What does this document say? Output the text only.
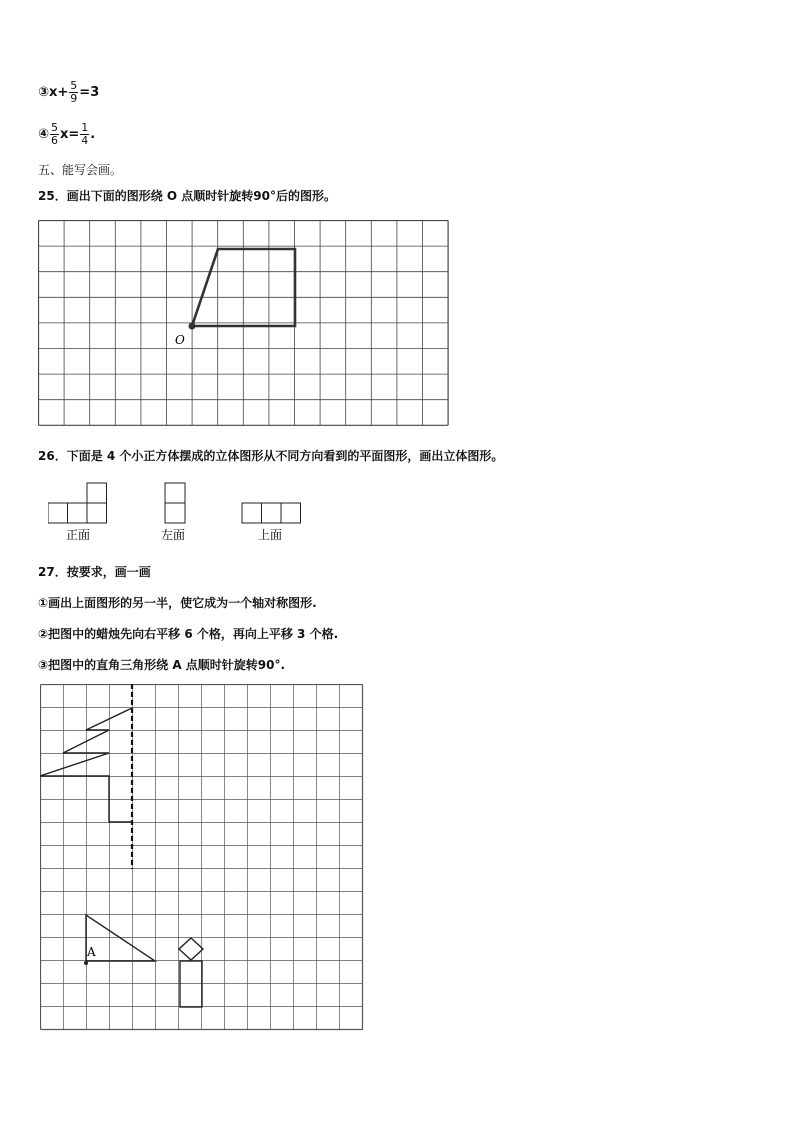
③ $x+ \frac{5}{9} =3$
④ $\frac{5}{6} x= \frac{1}{4}$ .
五、能写会画。
25．画出下面的图形绕 O 点顺时针旋转90°后的图形。
O
26．下面是 4 个小正方体摆成的立体图形从不同方向看到的平面图形，画出立体图形。
正面	左面	上面
27．按要求，画一画
①画出上面图形的另一半，使它成为一个轴对称图形.
②把图中的蜡烛先向右平移 6 个格，再向上平移 3 个格.
③把图中的直角三角形绕 A 点顺时针旋转90°.
A
